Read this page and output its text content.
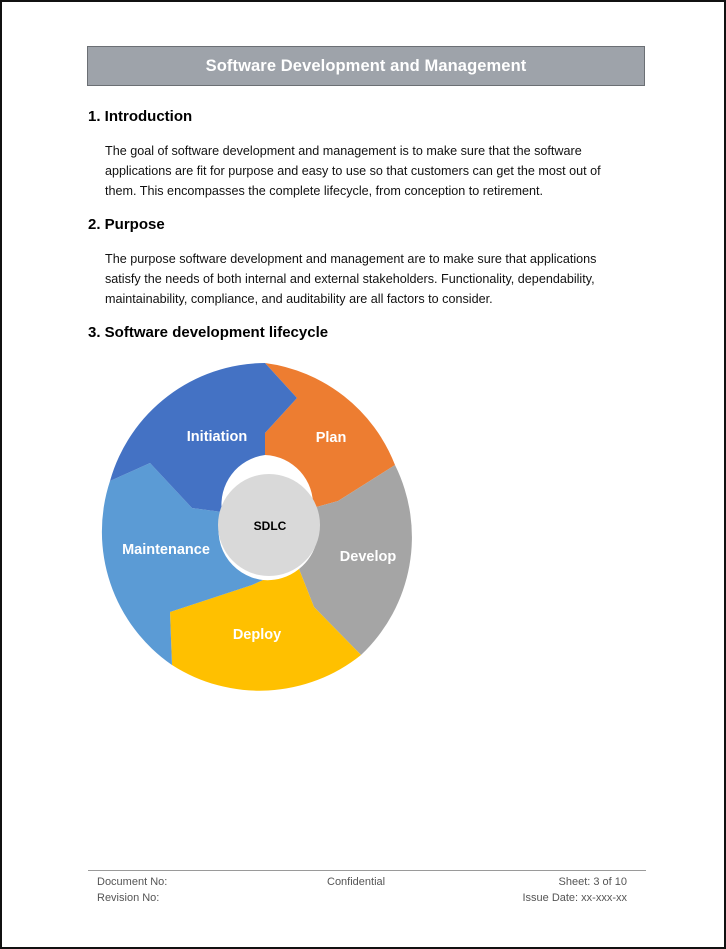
Software Development and Management
1. Introduction
The goal of software development and management is to make sure that the software applications are fit for purpose and easy to use so that customers can get the most out of them. This encompasses the complete lifecycle, from conception to retirement.
2. Purpose
The purpose software development and management are to make sure that applications satisfy the needs of both internal and external stakeholders. Functionality, dependability, maintainability, compliance, and auditability are all factors to consider.
3. Software development lifecycle
Plan
Develop
Deploy
Maintenance
Initiation
SDLC
Document No:
Revision No:
Confidential	Sheet: 3 of 10
Issue Date: xx-xxx-xx
